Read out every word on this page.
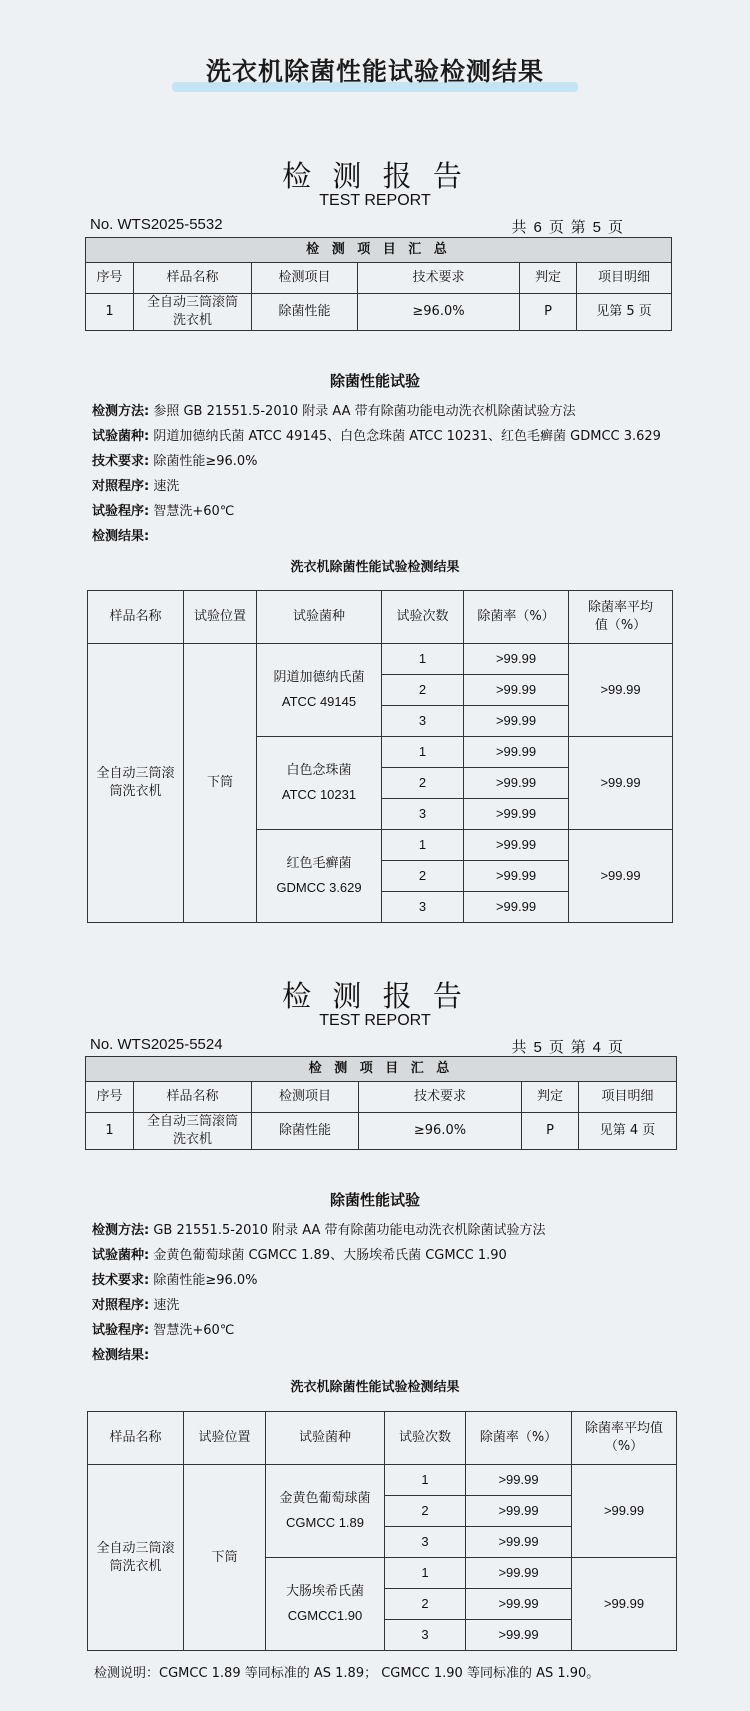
洗衣机除菌性能试验检测结果
检 测 报 告
TEST REPORT
No. WTS2025-5532	共 6 页 第 5 页
检 测 项 目 汇 总					
序号	样品名称	检测项目	技术要求	判定	项目明细
1	全自动三筒滚筒洗衣机	除菌性能	≥96.0%	P	见第 5 页
除菌性能试验
检测方法: 参照 GB 21551.5-2010 附录 AA 带有除菌功能电动洗衣机除菌试验方法
试验菌种: 阴道加德纳氏菌 ATCC 49145、白色念珠菌 ATCC 10231、红色毛癣菌 GDMCC 3.629
技术要求: 除菌性能≥96.0%
对照程序: 速洗
试验程序: 智慧洗+60℃
检测结果:
洗衣机除菌性能试验检测结果
样品名称	试验位置	试验菌种	试验次数	除菌率（%）	除菌率平均值（%）
全自动三筒滚筒洗衣机	下筒	阴道加德纳氏菌
ATCC 49145	1	>99.99	>99.99
			2	>99.99	
			3	>99.99	

		白色念珠菌
ATCC 10231	1	>99.99	>99.99
			2	>99.99	
			3	>99.99	

		红色毛癣菌
GDMCC 3.629	1	>99.99	>99.99
			2	>99.99	
			3	>99.99	
检 测 报 告
TEST REPORT
No. WTS2025-5524	共 5 页 第 4 页
检 测 项 目 汇 总					
序号	样品名称	检测项目	技术要求	判定	项目明细
1	全自动三筒滚筒洗衣机	除菌性能	≥96.0%	P	见第 4 页
除菌性能试验
检测方法: GB 21551.5-2010 附录 AA 带有除菌功能电动洗衣机除菌试验方法
试验菌种: 金黄色葡萄球菌 CGMCC 1.89、大肠埃希氏菌 CGMCC 1.90
技术要求: 除菌性能≥96.0%
对照程序: 速洗
试验程序: 智慧洗+60℃
检测结果:
洗衣机除菌性能试验检测结果
样品名称	试验位置	试验菌种	试验次数	除菌率（%）	除菌率平均值（%）
全自动三筒滚筒洗衣机	下筒	金黄色葡萄球菌
CGMCC 1.89	1	>99.99	>99.99
			2	>99.99	
			3	>99.99	

		大肠埃希氏菌
CGMCC1.90	1	>99.99	>99.99
			2	>99.99	
			3	>99.99	
检测说明：CGMCC 1.89 等同标准的 AS 1.89； CGMCC 1.90 等同标准的 AS 1.90。
